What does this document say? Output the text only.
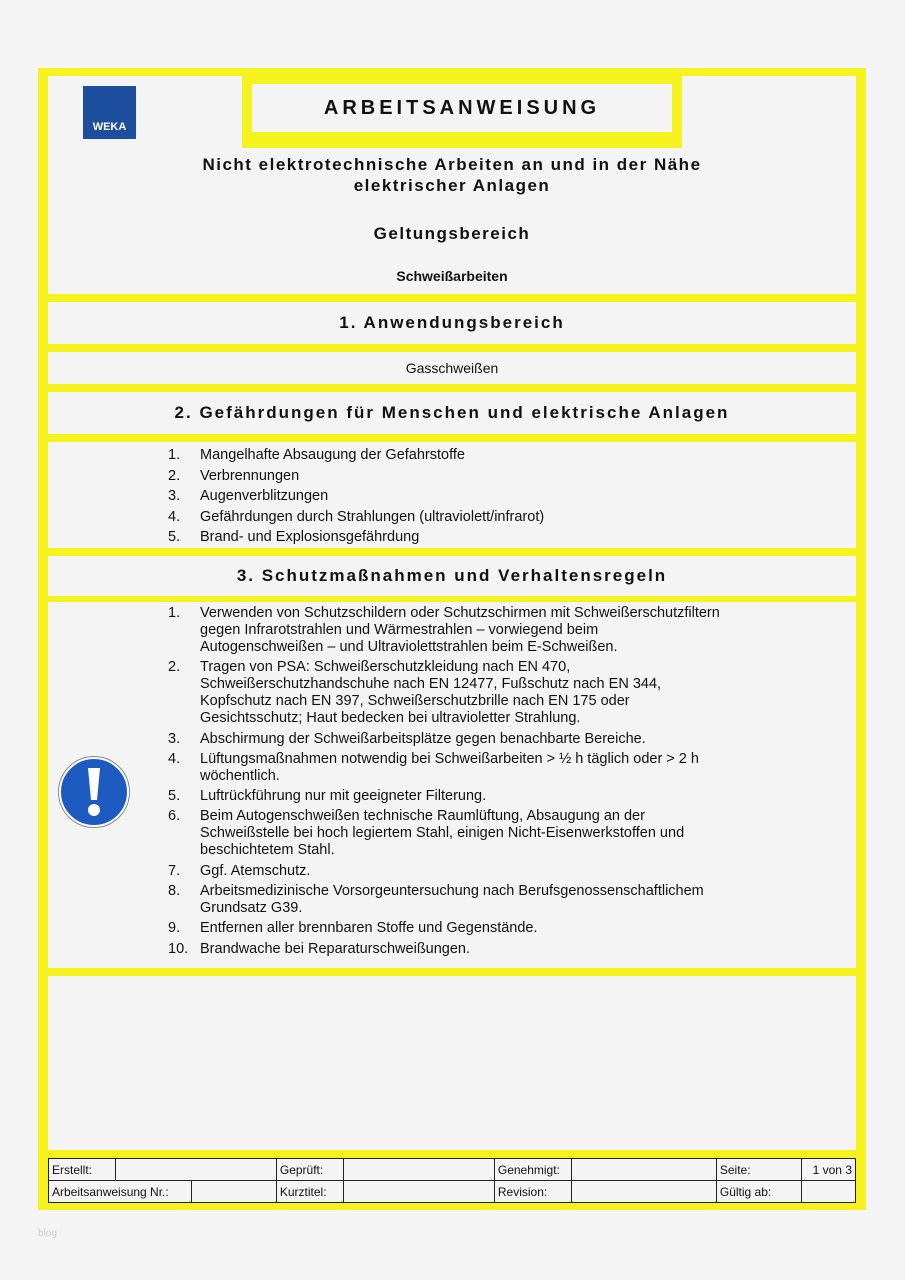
WEKA
ARBEITSANWEISUNG
Nicht elektrotechnische Arbeiten an und in der Nähe
elektrischer Anlagen
Geltungsbereich
Schweißarbeiten
1. Anwendungsbereich
Gasschweißen
2. Gefährdungen für Menschen und elektrische Anlagen
1. Mangelhafte Absaugung der Gefahrstoffe
2. Verbrennungen
3. Augenverblitzungen
4. Gefährdungen durch Strahlungen (ultraviolett/infrarot)
5. Brand- und Explosionsgefährdung
3. Schutzmaßnahmen und Verhaltensregeln
1. Verwenden von Schutzschildern oder Schutzschirmen mit Schweißerschutzfiltern
gegen Infrarotstrahlen und Wärmestrahlen – vorwiegend beim
Autogenschweißen – und Ultraviolettstrahlen beim E-Schweißen.
2. Tragen von PSA: Schweißerschutzkleidung nach EN 470,
Schweißerschutzhandschuhe nach EN 12477, Fußschutz nach EN 344,
Kopfschutz nach EN 397, Schweißerschutzbrille nach EN 175 oder
Gesichtsschutz; Haut bedecken bei ultravioletter Strahlung.
3. Abschirmung der Schweißarbeitsplätze gegen benachbarte Bereiche.
4. Lüftungsmaßnahmen notwendig bei Schweißarbeiten > ½ h täglich oder > 2 h
wöchentlich.
5. Luftrückführung nur mit geeigneter Filterung.
6. Beim Autogenschweißen technische Raumlüftung, Absaugung an der
Schweißstelle bei hoch legiertem Stahl, einigen Nicht-Eisenwerkstoffen und
beschichtetem Stahl.
7. Ggf. Atemschutz.
8. Arbeitsmedizinische Vorsorgeuntersuchung nach Berufsgenossenschaftlichem
Grundsatz G39.
9. Entfernen aller brennbaren Stoffe und Gegenstände.
10. Brandwache bei Reparaturschweißungen.
Erstellt:			Geprüft:		Genehmigt:		Seite:	1 von 3
Arbeitsanweisung Nr.:			Kurztitel:		Revision:		Gültig ab:	
blog
